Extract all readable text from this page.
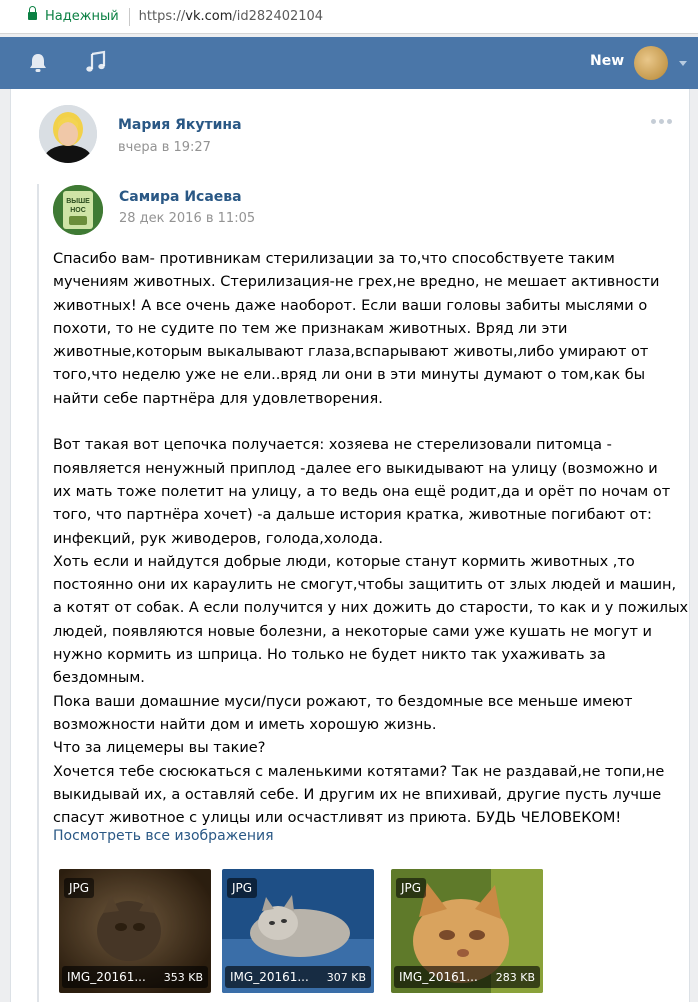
Надежный https://vk.com/id282402104
New
Мария Якутина
вчера в 19:27
ВЫШЕ
НОС
Самира Исаева
28 дек 2016 в 11:05
Спасибо вам- противникам стерилизации за то,что способствуете таким
мучениям животных. Стерилизация-не грех,не вредно, не мешает активности
животных! А все очень даже наоборот. Если ваши головы забиты мыслями о
похоти, то не судите по тем же признакам животных. Вряд ли эти
животные,которым выкалывают глаза,вспарывают животы,либо умирают от
того,что неделю уже не ели..вряд ли они в эти минуты думают о том,как бы
найти себе партнёра для удовлетворения.
Вот такая вот цепочка получается: хозяева не стерелизовали питомца -
появляется ненужный приплод -далее его выкидывают на улицу (возможно и
их мать тоже полетит на улицу, а то ведь она ещё родит,да и орёт по ночам от
того, что партнёра хочет) -а дальше история кратка, животные погибают от:
инфекций, рук живодеров, голода,холода.
Хоть если и найдутся добрые люди, которые станут кормить животных ,то
постоянно они их караулить не смогут,чтобы защитить от злых людей и машин,
а котят от собак. А если получится у них дожить до старости, то как и у пожилых
людей, появляются новые болезни, а некоторые сами уже кушать не могут и
нужно кормить из шприца. Но только не будет никто так ухаживать за
бездомным.
Пока ваши домашние муси/пуси рожают, то бездомные все меньше имеют
возможности найти дом и иметь хорошую жизнь.
Что за лицемеры вы такие?
Хочется тебе сюсюкаться с маленькими котятами? Так не раздавай,не топи,не
выкидывай их, а оставляй себе. И другим их не впихивай, другие пусть лучше
спасут животное с улицы или осчастливят из приюта. БУДЬ ЧЕЛОВЕКОМ!
Посмотреть все изображения
JPG
IMG_20161... 353 KB
JPG
IMG_20161... 307 KB
JPG
IMG_20161... 283 KB
